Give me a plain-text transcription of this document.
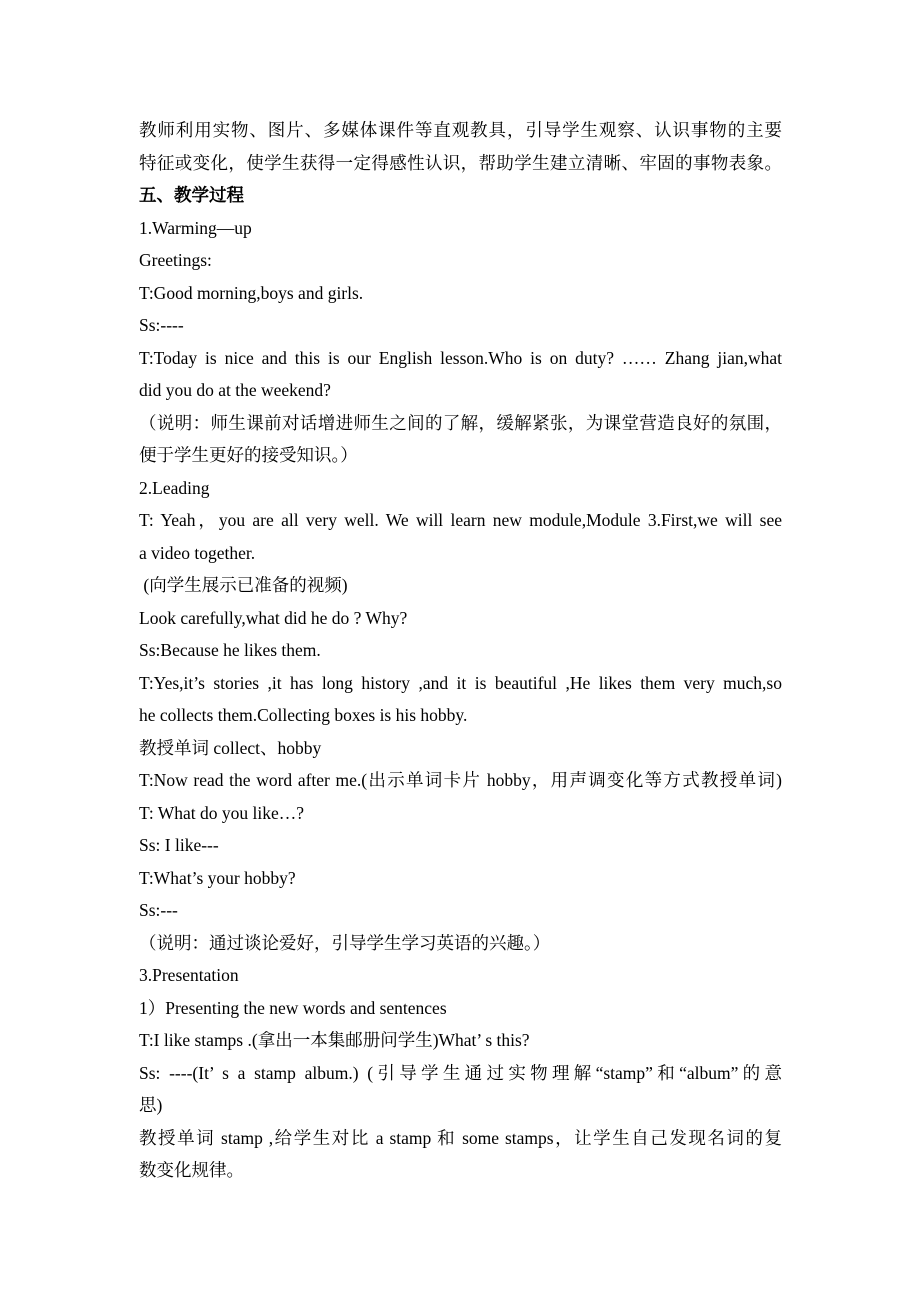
教师利用实物、图片、多媒体课件等直观教具，引导学生观察、认识事物的主要
特征或变化，使学生获得一定得感性认识，帮助学生建立清晰、牢固的事物表象。
五、教学过程
1.Warming—up
Greetings:
T:Good morning,boys and girls.
Ss:----
T:Today is nice and this is our English lesson.Who is on duty? …… Zhang jian,what
did you do at the weekend?
（说明：师生课前对话增进师生之间的了解，缓解紧张，为课堂营造良好的氛围，
便于学生更好的接受知识。）
2.Leading
T: Yeah，you are all very well. We will learn new module,Module 3.First,we will see
a video together.
(向学生展示已准备的视频)
Look carefully,what did he do ? Why?
Ss:Because he likes them.
T:Yes,it’s stories ,it has long history ,and it is beautiful ,He likes them very much,so
he collects them.Collecting boxes is his hobby.
教授单词 collect、hobby
T:Now read the word after me.(出示单词卡片 hobby，用声调变化等方式教授单词)
T: What do you like…?
Ss: I like---
T:What’s your hobby?
Ss:---
（说明：通过谈论爱好，引导学生学习英语的兴趣。）
3.Presentation
1）Presenting the new words and sentences
T:I like stamps .(拿出一本集邮册问学生)What’ s this?
Ss: ----(It’ s a stamp album.) (引导学生通过实物理解“stamp”和“album”的意
思)
教授单词 stamp ,给学生对比 a stamp 和 some stamps，让学生自己发现名词的复
数变化规律。
